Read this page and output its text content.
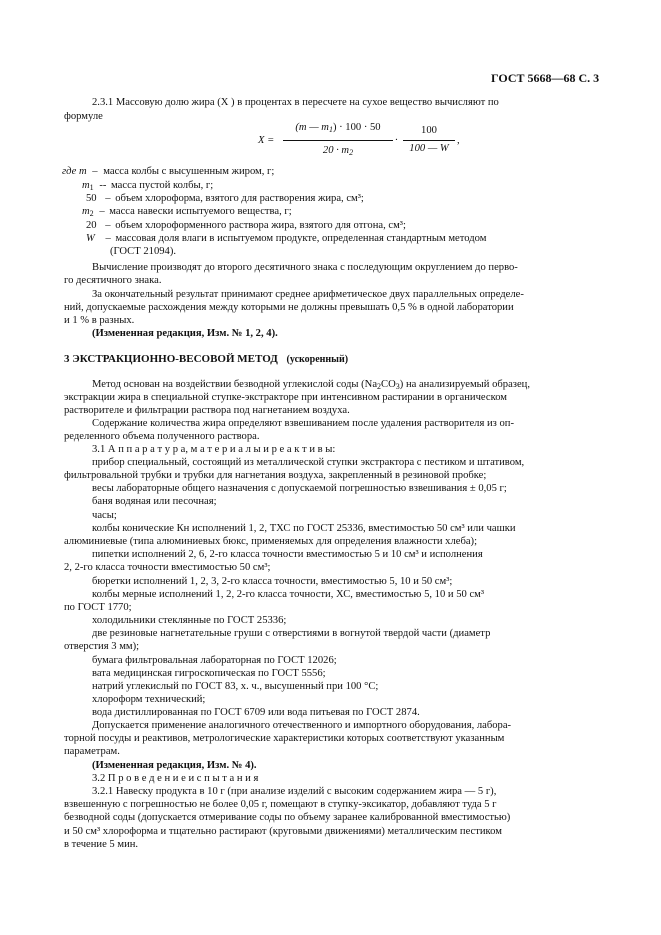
ГОСТ 5668—68 С. 3
2.3.1 Массовую долю жира (X ) в процентах в пересчете на сухое вещество вычисляют по
формуле
X =
(m — $m_1) \cdot 100 \cdot 50$
$20 \cdot m_2$
·
100
100 — W
,
где m – масса колбы с высушенным жиром, г;
$m_1$ -- масса пустой колбы, г;
50 – объем хлороформа, взятого для растворения жира, см³;
$m_2$ – масса навески испытуемого вещества, г;
20 – объем хлороформенного раствора жира, взятого для отгона, см³;
W – массовая доля влаги в испытуемом продукте, определенная стандартным методом
(ГОСТ 21094).
Вычисление производят до второго десятичного знака с последующим округлением до перво-
го десятичного знака.
За окончательный результат принимают среднее арифметическое двух параллельных определе-
ний, допускаемые расхождения между которыми не должны превышать 0,5 % в одной лаборатории
и 1 % в разных.
(Измененная редакция, Изм. № 1, 2, 4).
3 ЭКСТРАКЦИОННО-ВЕСОВОЙ МЕТОД (ускоренный)
Метод основан на воздействии безводной углекислой соды $(Na_2CO_3)$ на анализируемый образец,
экстракции жира в специальной ступке-экстракторе при интенсивном растирании в органическом
растворителе и фильтрации раствора под нагнетанием воздуха.
Содержание количества жира определяют взвешиванием после удаления растворителя из оп-
ределенного объема полученного раствора.
3.1 А п п а р а т у р а, м а т е р и а л ы и р е а к т и в ы:
прибор специальный, состоящий из металлической ступки экстрактора с пестиком и штативом,
фильтровальной трубки и трубки для нагнетания воздуха, закрепленный в резиновой пробке;
весы лабораторные общего назначения с допускаемой погрешностью взвешивания ± 0,05 г;
баня водяная или песочная;
часы;
колбы конические Кн исполнений 1, 2, ТХС по ГОСТ 25336, вместимостью 50 см³ или чашки
алюминиевые (типа алюминиевых бюкс, применяемых для определения влажности хлеба);
пипетки исполнений 2, 6, 2-го класса точности вместимостью 5 и 10 см³ и исполнения
2, 2-го класса точности вместимостью 50 см³;
бюретки исполнений 1, 2, 3, 2-го класса точности, вместимостью 5, 10 и 50 см³;
колбы мерные исполнений 1, 2, 2-го класса точности, ХС, вместимостью 5, 10 и 50 см³
по ГОСТ 1770;
холодильники стеклянные по ГОСТ 25336;
две резиновые нагнетательные груши с отверстиями в вогнутой твердой части (диаметр
отверстия 3 мм);
бумага фильтровальная лабораторная по ГОСТ 12026;
вата медицинская гигроскопическая по ГОСТ 5556;
натрий углекислый по ГОСТ 83, х. ч., высушенный при 100 °С;
хлороформ технический;
вода дистиллированная по ГОСТ 6709 или вода питьевая по ГОСТ 2874.
Допускается применение аналогичного отечественного и импортного оборудования, лабора-
торной посуды и реактивов, метрологические характеристики которых соответствуют указанным
параметрам.
(Измененная редакция, Изм. № 4).
3.2 П р о в е д е н и е и с п ы т а н и я
3.2.1 Навеску продукта в 10 г (при анализе изделий с высоким содержанием жира — 5 г),
взвешенную с погрешностью не более 0,05 г, помещают в ступку-эксикатор, добавляют туда 5 г
безводной соды (допускается отмеривание соды по объему заранее калиброванной вместимостью)
и 50 см³ хлороформа и тщательно растирают (круговыми движениями) металлическим пестиком
в течение 5 мин.
